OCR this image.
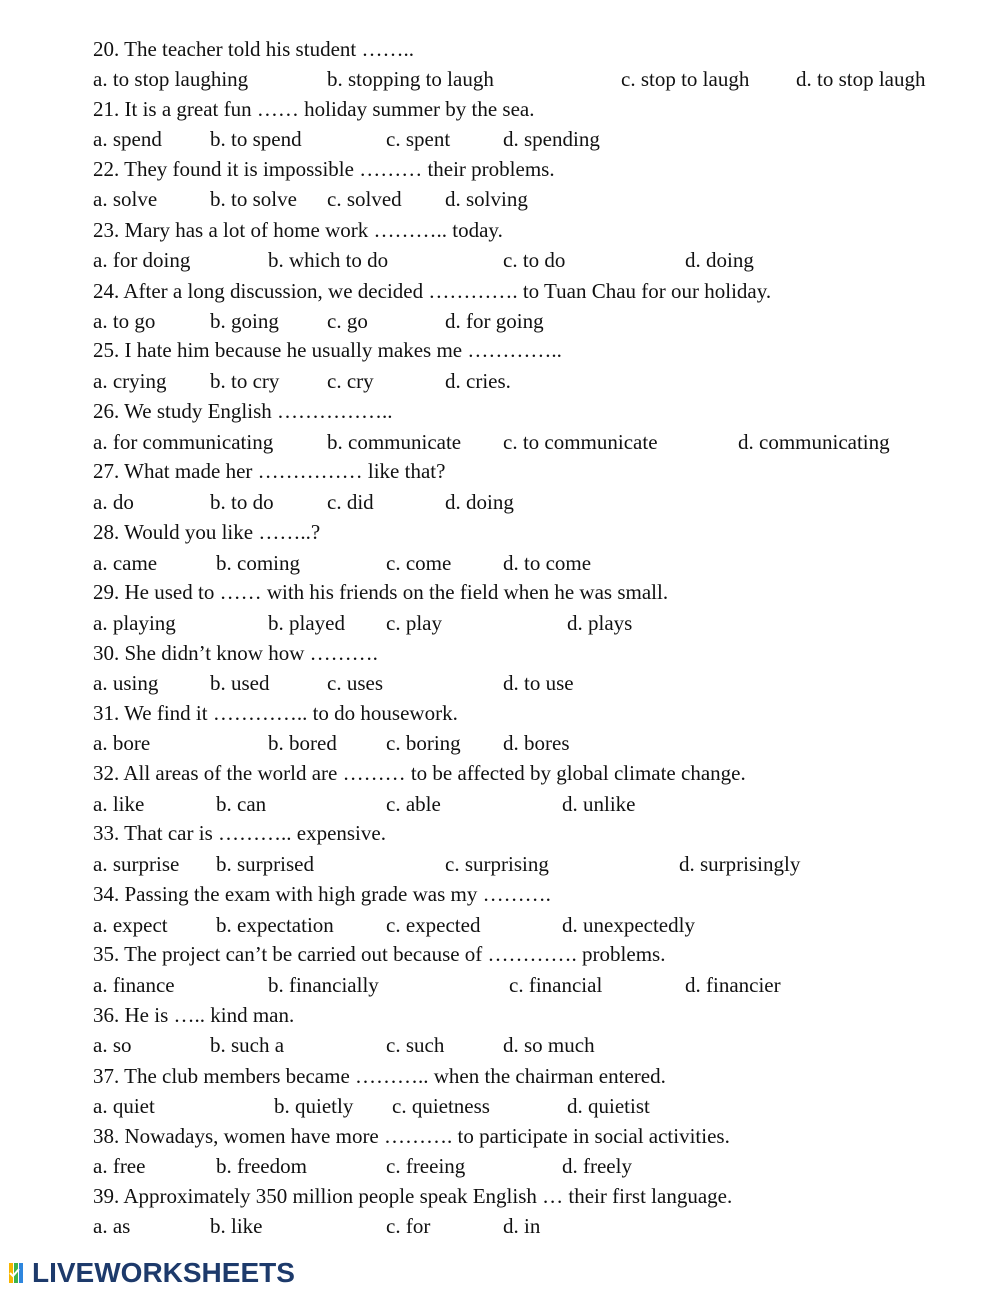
20. The teacher told his student ……..
a. to stop laughing	b. stopping to laugh	c. stop to laugh d. to stop laugh
21. It is a great fun …… holiday summer by the sea.
a. spend b. to spend	c. spent	d. spending
22. They found it is impossible ……… their problems.
a. solve	b. to solve c. solved d. solving
23. Mary has a lot of home work ……….. today.
a. for doing	b. which to do	c. to do	d. doing
24. After a long discussion, we decided …………. to Tuan Chau for our holiday.
a. to go	b. going c. go	d. for going
25. I hate him because he usually makes me …………..
a. crying b. to cry c. cry	d. cries.
26. We study English ……………..
a. for communicating	b. communicate c. to communicate	d. communicating
27. What made her …………… like that?
a. do	b. to do	c. did	d. doing
28. Would you like ……..?
a. came	b. coming	c. come d. to come
29. He used to …… with his friends on the field when he was small.
a. playing	b. played c. play	d. plays
30. She didn’t know how ……….
a. using b. used	c. uses	d. to use
31. We find it ………….. to do housework.
a. bore	b. bored c. boring d. bores
32. All areas of the world are ……… to be affected by global climate change.
a. like	b. can	c. able	d. unlike
33. That car is ……….. expensive.
a. surprise b. surprised	c. surprising	d. surprisingly
34. Passing the exam with high grade was my ……….
a. expect b. expectation c. expected	d. unexpectedly
35. The project can’t be carried out because of …………. problems.
a. finance	b. financially	c. financial	d. financier
36. He is ….. kind man.
a. so	b. such a	c. such	d. so much
37. The club members became ……….. when the chairman entered.
a. quiet	b. quietly c. quietness	d. quietist
38. Nowadays, women have more ………. to participate in social activities.
a. free	b. freedom	c. freeing	d. freely
39. Approximately 350 million people speak English … their first language.
a. as	b. like	c. for	d. in
LIVEWORKSHEETS
